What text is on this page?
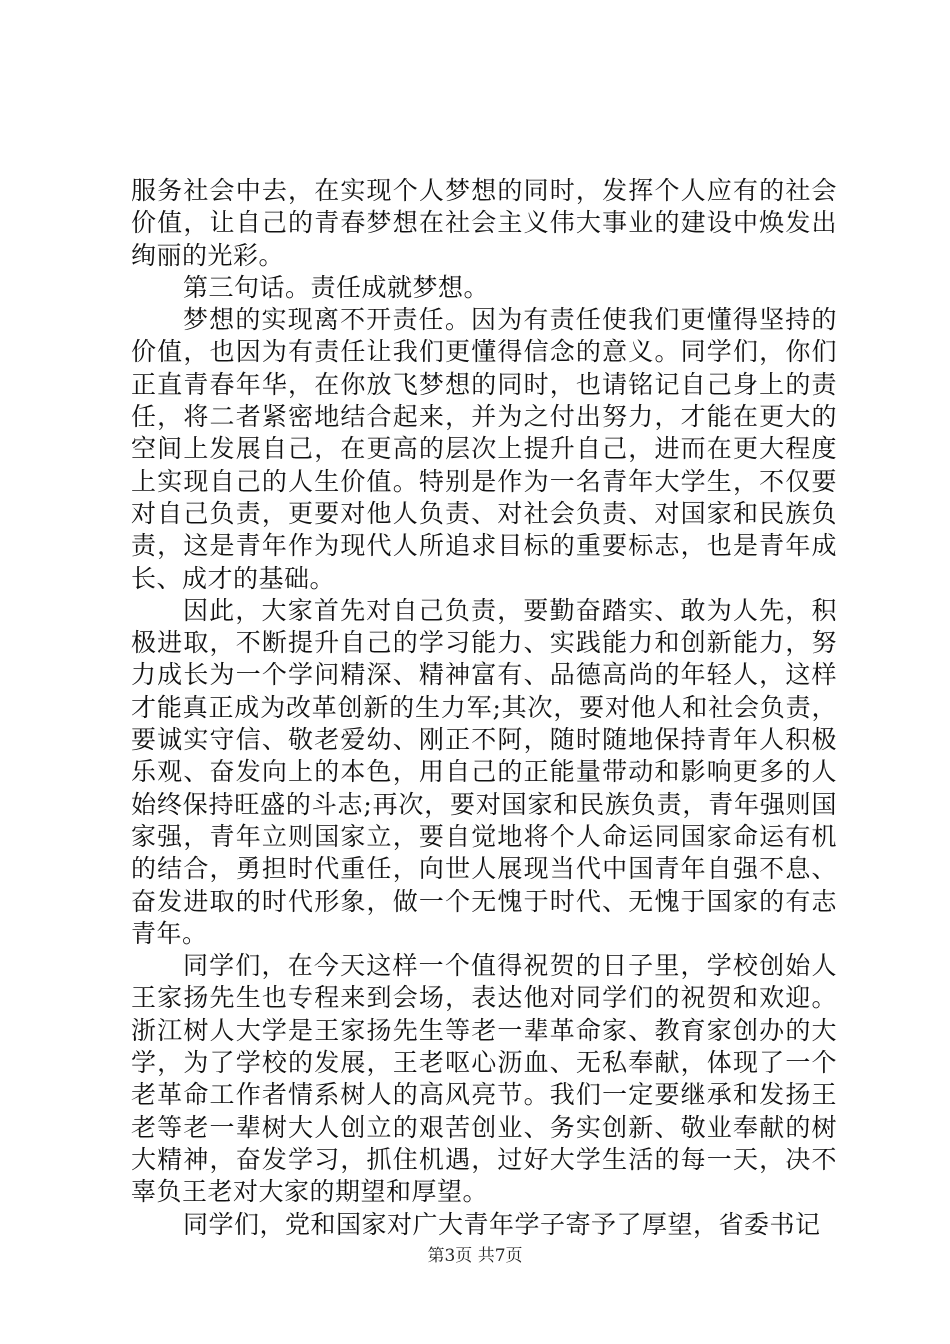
服务社会中去，在实现个人梦想的同时，发挥个人应有的社会价值，让自己的青春梦想在社会主义伟大事业的建设中焕发出绚丽的光彩。

第三句话。责任成就梦想。

梦想的实现离不开责任。因为有责任使我们更懂得坚持的价值，也因为有责任让我们更懂得信念的意义。同学们，你们正直青春年华，在你放飞梦想的同时，也请铭记自己身上的责任，将二者紧密地结合起来，并为之付出努力，才能在更大的空间上发展自己，在更高的层次上提升自己，进而在更大程度上实现自己的人生价值。特别是作为一名青年大学生，不仅要对自己负责，更要对他人负责、对社会负责、对国家和民族负责，这是青年作为现代人所追求目标的重要标志，也是青年成长、成才的基础。

因此，大家首先对自己负责，要勤奋踏实、敢为人先，积极进取，不断提升自己的学习能力、实践能力和创新能力，努力成长为一个学问精深、精神富有、品德高尚的年轻人，这样才能真正成为改革创新的生力军;其次，要对他人和社会负责，要诚实守信、敬老爱幼、刚正不阿，随时随地保持青年人积极乐观、奋发向上的本色，用自己的正能量带动和影响更多的人始终保持旺盛的斗志;再次，要对国家和民族负责，青年强则国家强，青年立则国家立，要自觉地将个人命运同国家命运有机的结合，勇担时代重任，向世人展现当代中国青年自强不息、奋发进取的时代形象，做一个无愧于时代、无愧于国家的有志青年。

同学们，在今天这样一个值得祝贺的日子里，学校创始人王家扬先生也专程来到会场，表达他对同学们的祝贺和欢迎。浙江树人大学是王家扬先生等老一辈革命家、教育家创办的大学，为了学校的发展，王老呕心沥血、无私奉献，体现了一个老革命工作者情系树人的高风亮节。我们一定要继承和发扬王老等老一辈树大人创立的艰苦创业、务实创新、敬业奉献的树大精神，奋发学习，抓住机遇，过好大学生活的每一天，决不辜负王老对大家的期望和厚望。

同学们，党和国家对广大青年学子寄予了厚望，省委书记

第3页 共7页
